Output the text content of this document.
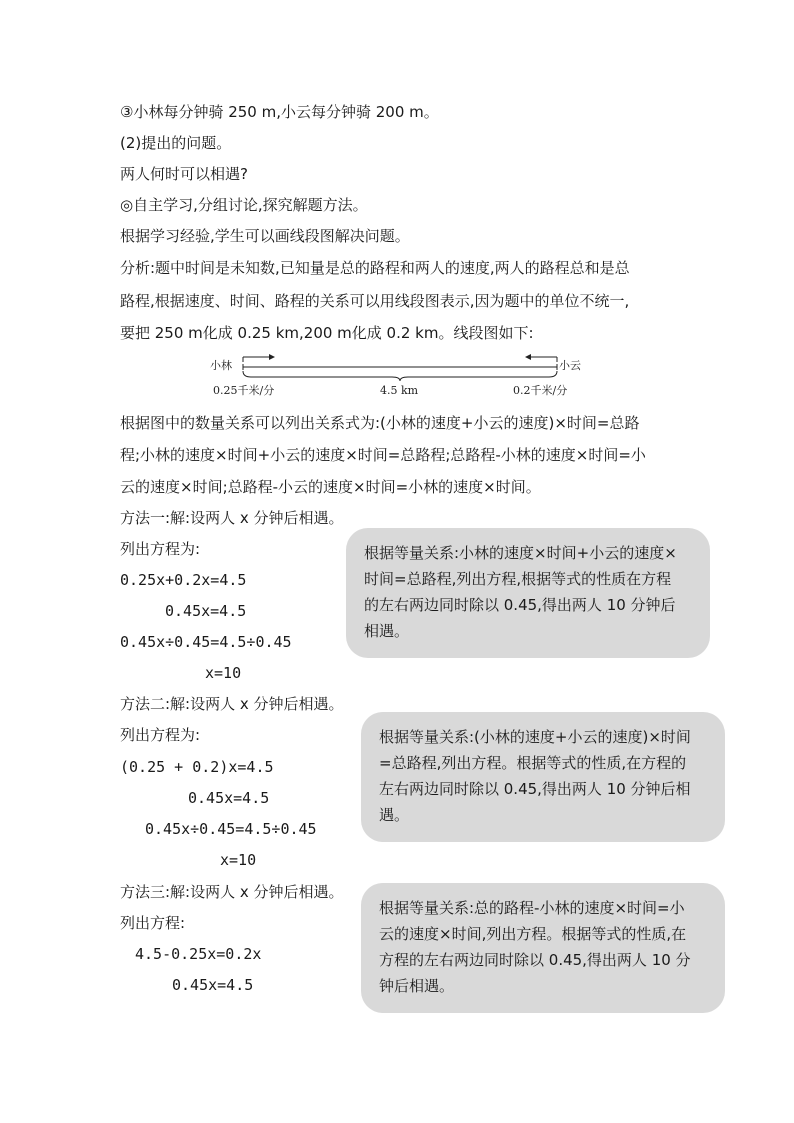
③小林每分钟骑 250 m,小云每分钟骑 200 m。
(2)提出的问题。
两人何时可以相遇?
◎自主学习,分组讨论,探究解题方法。
根据学习经验,学生可以画线段图解决问题。
分析:题中时间是未知数,已知量是总的路程和两人的速度,两人的路程总和是总
路程,根据速度、时间、路程的关系可以用线段图表示,因为题中的单位不统一,
要把 250 m化成 0.25 km,200 m化成 0.2 km。线段图如下:
小林	小云
0.25千米/分	4.5 km	0.2千米/分
根据图中的数量关系可以列出关系式为:(小林的速度+小云的速度)×时间=总路
程;小林的速度×时间+小云的速度×时间=总路程;总路程-小林的速度×时间=小
云的速度×时间;总路程-小云的速度×时间=小林的速度×时间。
方法一:解:设两人 x 分钟后相遇。
列出方程为:
0.25x+0.2x=4.5
0.45x=4.5
0.45x÷0.45=4.5÷0.45
x=10
根据等量关系:小林的速度×时间+小云的速度×
时间=总路程,列出方程,根据等式的性质在方程
的左右两边同时除以 0.45,得出两人 10 分钟后
相遇。
方法二:解:设两人 x 分钟后相遇。
列出方程为:
(0.25 + 0.2)x=4.5
0.45x=4.5
0.45x÷0.45=4.5÷0.45
x=10
根据等量关系:(小林的速度+小云的速度)×时间
=总路程,列出方程。根据等式的性质,在方程的
左右两边同时除以 0.45,得出两人 10 分钟后相
遇。
方法三:解:设两人 x 分钟后相遇。
列出方程:
4.5-0.25x=0.2x
0.45x=4.5
根据等量关系:总的路程-小林的速度×时间=小
云的速度×时间,列出方程。根据等式的性质,在
方程的左右两边同时除以 0.45,得出两人 10 分
钟后相遇。
